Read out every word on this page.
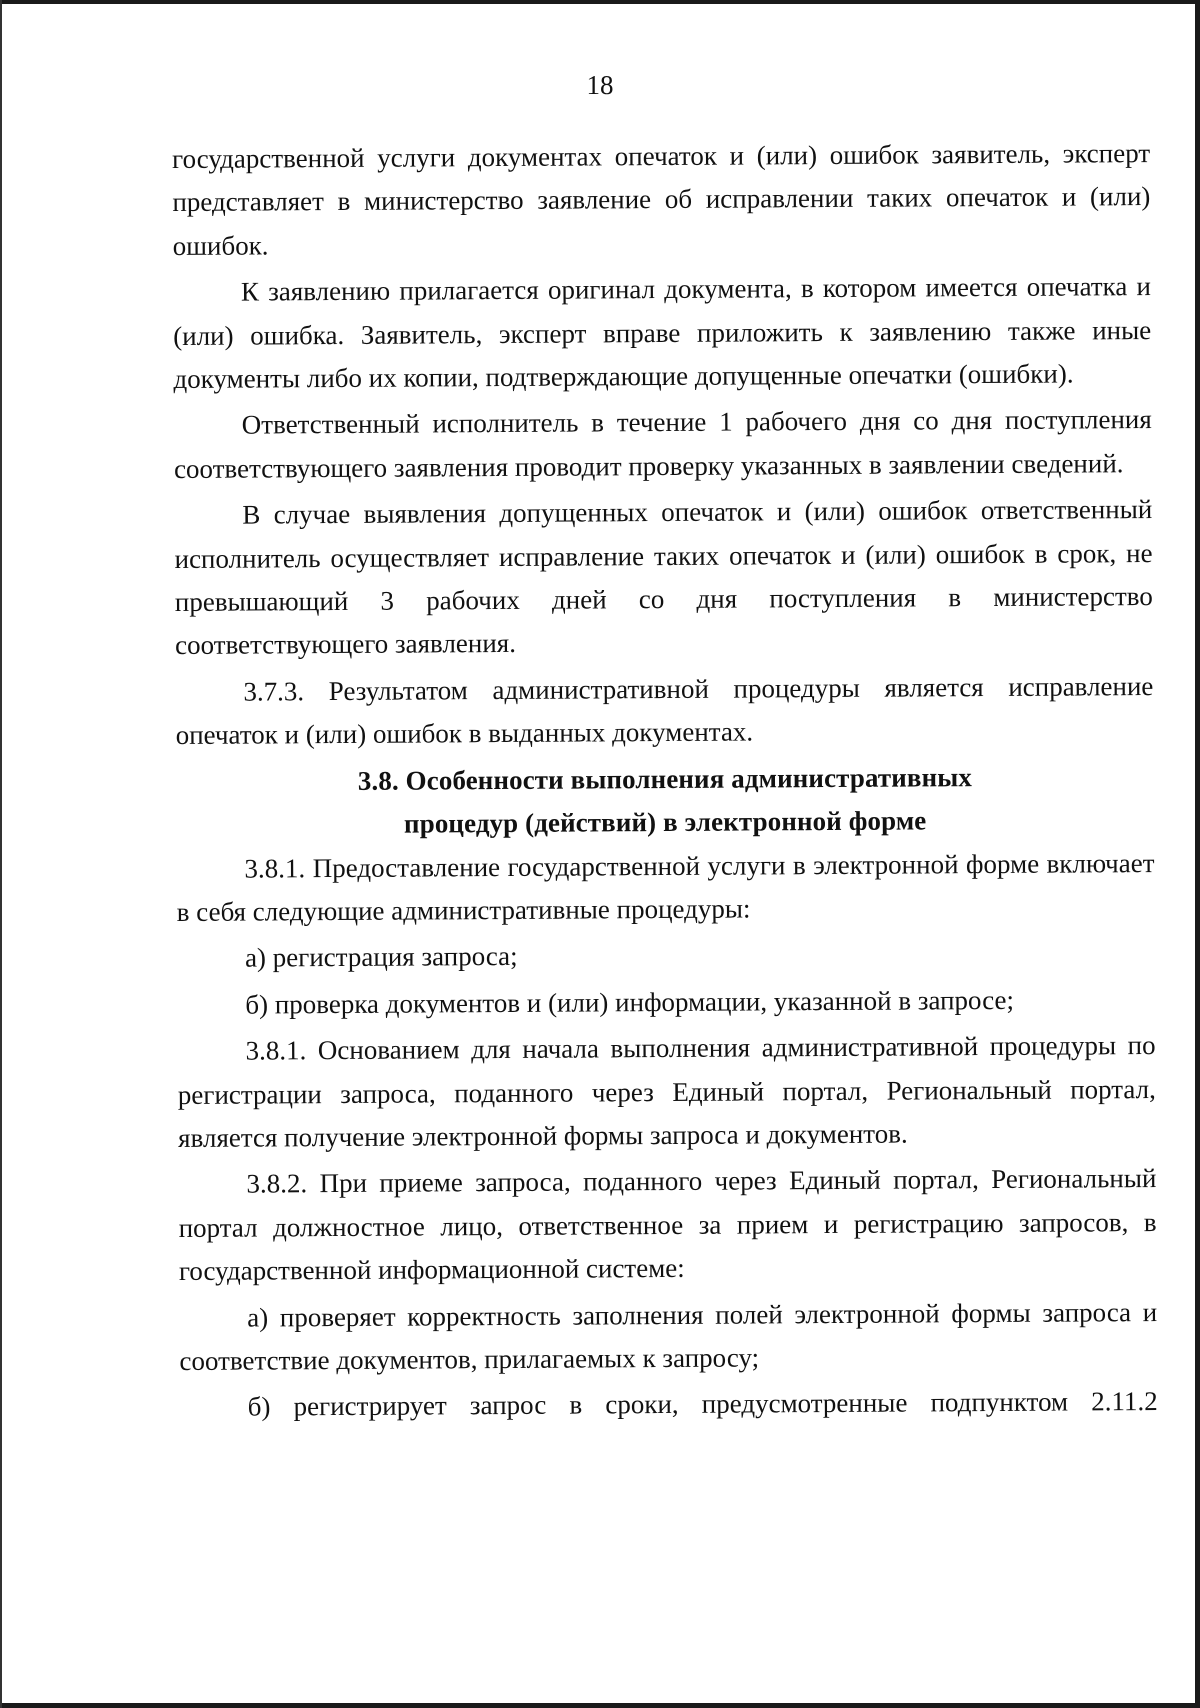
18

государственной услуги документах опечаток и (или) ошибок заявитель, эксперт представляет в министерство заявление об исправлении таких опечаток и (или) ошибок.

К заявлению прилагается оригинал документа, в котором имеется опечатка и (или) ошибка. Заявитель, эксперт вправе приложить к заявлению также иные документы либо их копии, подтверждающие допущенные опечатки (ошибки).

Ответственный исполнитель в течение 1 рабочего дня со дня поступления соответствующего заявления проводит проверку указанных в заявлении сведений.

В случае выявления допущенных опечаток и (или) ошибок ответственный исполнитель осуществляет исправление таких опечаток и (или) ошибок в срок, не превышающий 3 рабочих дней со дня поступления в министерство соответствующего заявления.

3.7.3. Результатом административной процедуры является исправление опечаток и (или) ошибок в выданных документах.

3.8. Особенности выполнения административных

процедур (действий) в электронной форме

3.8.1. Предоставление государственной услуги в электронной форме включает в себя следующие административные процедуры:

а) регистрация запроса;

б) проверка документов и (или) информации, указанной в запросе;

3.8.1. Основанием для начала выполнения административной процедуры по регистрации запроса, поданного через Единый портал, Региональный портал, является получение электронной формы запроса и документов.

3.8.2. При приеме запроса, поданного через Единый портал, Региональный портал должностное лицо, ответственное за прием и регистрацию запросов, в государственной информационной системе:

а) проверяет корректность заполнения полей электронной формы запроса и соответствие документов, прилагаемых к запросу;

б) регистрирует запрос в сроки, предусмотренные подпунктом 2.11.2
